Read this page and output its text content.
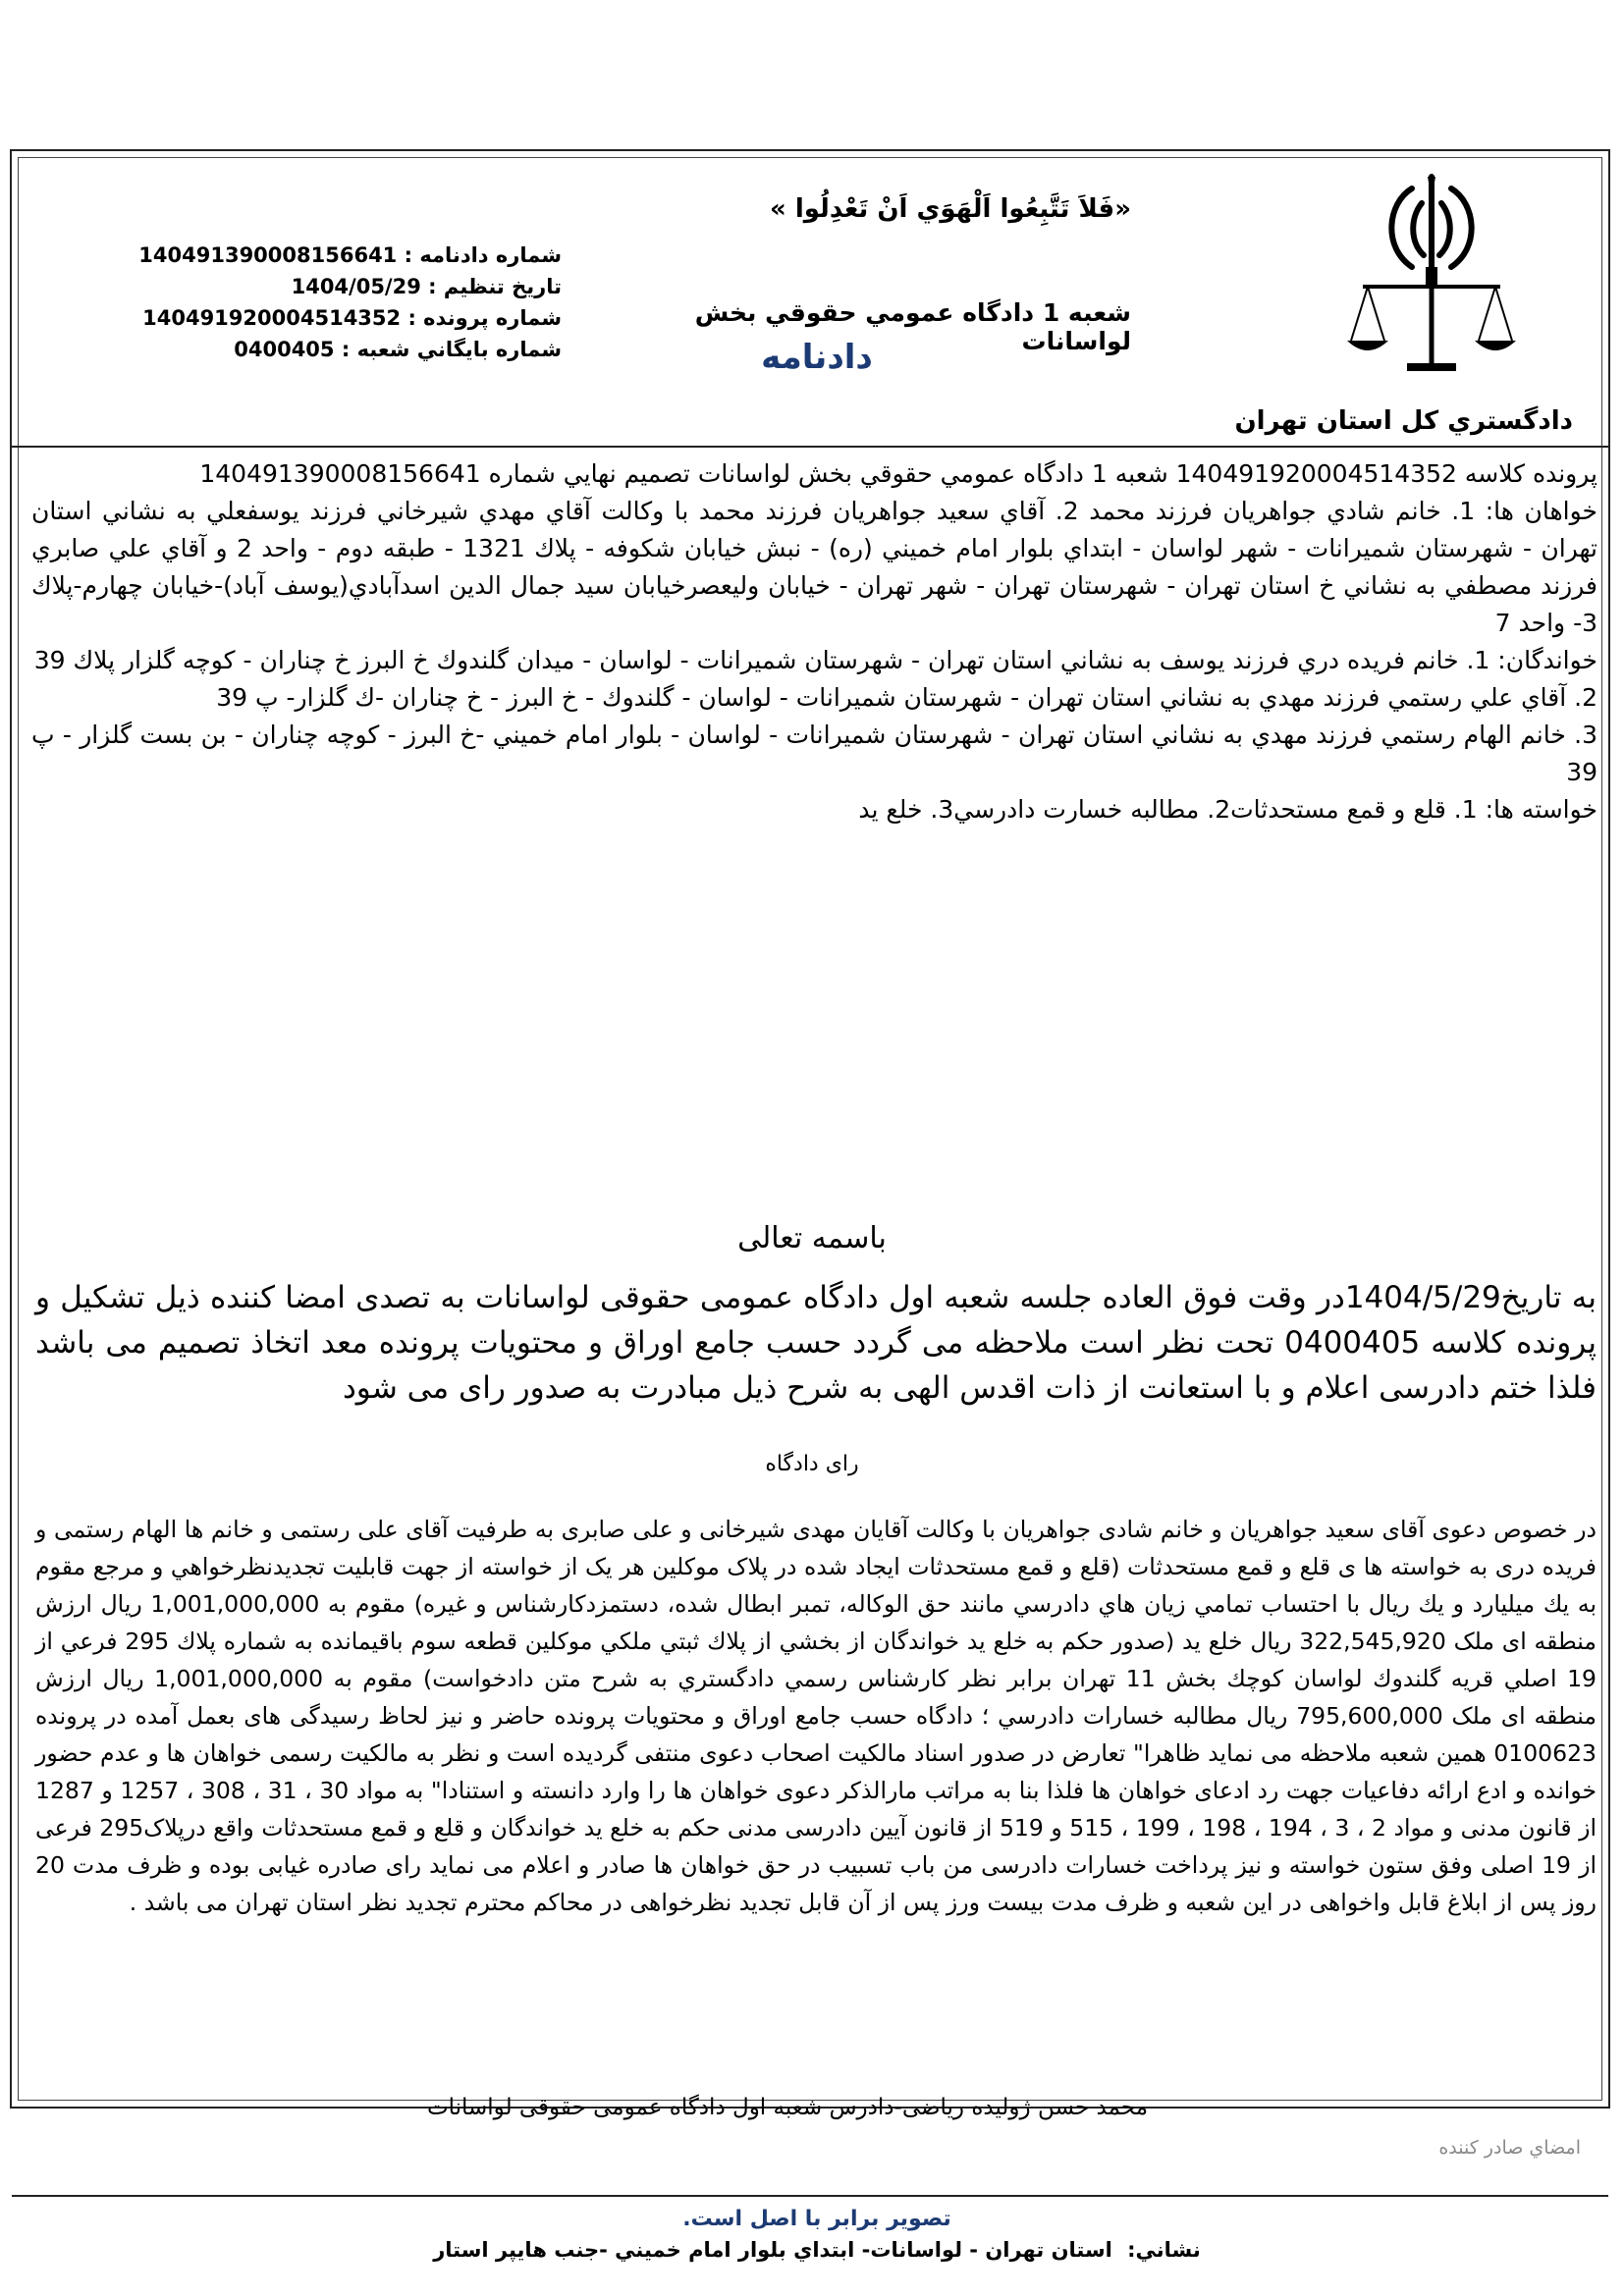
دادگستري كل استان تهران
«فَلاَ تَتَّبِعُوا اَلْهَوَي اَنْ تَعْدِلُوا »
شعبه 1 دادگاه عمومي حقوقي بخش لواسانات
دادنامه
شماره دادنامه : 140491390008156641
تاريخ تنظيم : 1404/05/29
شماره پرونده : 140491920004514352
شماره بايگاني شعبه : 0400405

پرونده كلاسه 140491920004514352 شعبه 1 دادگاه عمومي حقوقي بخش لواسانات تصميم نهايي شماره 140491390008156641

خواهان ها: 1. خانم شادي جواهريان فرزند محمد 2. آقاي سعيد جواهريان فرزند محمد با وكالت آقاي مهدي شيرخاني فرزند يوسفعلي به نشاني استان تهران - شهرستان شميرانات - شهر لواسان - ابتداي بلوار امام خميني (ره) - نبش خيابان شكوفه - پلاك 1321 - طبقه دوم - واحد 2 و آقاي علي صابري فرزند مصطفي به نشاني خ استان تهران - شهرستان تهران - شهر تهران - خيابان وليعصرخيابان سيد جمال الدين اسدآبادي(يوسف آباد)-خيابان چهارم-پلاك 3- واحد 7

خواندگان: 1. خانم فريده دري فرزند يوسف به نشاني استان تهران - شهرستان شميرانات - لواسان - ميدان گلندوك خ البرز خ چناران - كوچه گلزار پلاك 39

2. آقاي علي رستمي فرزند مهدي به نشاني استان تهران - شهرستان شميرانات - لواسان - گلندوك - خ البرز - خ چناران -ك گلزار- پ 39

3. خانم الهام رستمي فرزند مهدي به نشاني استان تهران - شهرستان شميرانات - لواسان - بلوار امام خميني -خ البرز - كوچه چناران - بن بست گلزار - پ 39

خواسته ها: 1. قلع و قمع مستحدثات2. مطالبه خسارت دادرسي3. خلع يد

باسمه تعالی
به تاريخ1404/5/29در وقت فوق العاده جلسه شعبه اول دادگاه عمومی حقوقی لواسانات به تصدی امضا کننده ذیل تشکیل و پرونده کلاسه 0400405 تحت نظر است ملاحظه می گردد حسب جامع اوراق و محتویات پرونده معد اتخاذ تصمیم می باشد فلذا ختم دادرسی اعلام و با استعانت از ذات اقدس الهی به شرح ذیل مبادرت به صدور رای می شود
رای دادگاه
در خصوص دعوی آقای سعید جواهریان و خانم شادی جواهریان با وکالت آقایان مهدی شیرخانی و علی صابری به طرفیت آقای علی رستمی و خانم ها الهام رستمی و فریده دری به خواسته ها ی قلع و قمع مستحدثات (قلع و قمع مستحدثات ایجاد شده در پلاک موکلین هر یک از خواسته از جهت قابلیت تجدیدنظرخواهي و مرجع مقوم به يك ميليارد و يك ريال با احتساب تمامي زيان هاي دادرسي مانند حق الوكاله، تمبر ابطال شده، دستمزدكارشناس و غيره) مقوم به 1,001,000,000 ريال ارزش منطقه ای ملک 322,545,920 ريال خلع يد (صدور حكم به خلع يد خواندگان از بخشي از پلاك ثبتي ملكي موكلين قطعه سوم باقيمانده به شماره پلاك 295 فرعي از 19 اصلي قريه گلندوك لواسان كوچك بخش 11 تهران برابر نظر كارشناس رسمي دادگستري به شرح متن دادخواست) مقوم به 1,001,000,000 ريال ارزش منطقه ای ملک 795,600,000 ريال مطالبه خسارات دادرسي ؛ دادگاه حسب جامع اوراق و محتویات پرونده حاضر و نیز لحاظ رسیدگی های بعمل آمده در پرونده 0100623 همین شعبه ملاحظه می نماید ظاهرا" تعارض در صدور اسناد مالکیت اصحاب دعوی منتفی گردیده است و نظر به مالکیت رسمی خواهان ها و عدم حضور خوانده و ادع ارائه دفاعیات جهت رد ادعای خواهان ها فلذا بنا به مراتب مارالذکر دعوی خواهان ها را وارد دانسته و استنادا" به مواد 30 ، 31 ، 308 ، 1257 و 1287 از قانون مدنی و مواد 2 ، 3 ، 194 ، 198 ، 199 ، 515 و 519 از قانون آیین دادرسی مدنی حکم به خلع ید خواندگان و قلع و قمع مستحدثات واقع درپلاک295 فرعی از 19 اصلی وفق ستون خواسته و نیز پرداخت خسارات دادرسی من باب تسبیب در حق خواهان ها صادر و اعلام می نماید رای صادره غیابی بوده و ظرف مدت 20 روز پس از ابلاغ قابل واخواهی در این شعبه و ظرف مدت بیست ورز پس از آن قابل تجدید نظرخواهی در محاکم محترم تجدید نظر استان تهران می باشد .
محمد حسن ژولیده ریاضی-دادرس شعبه اول دادگاه عمومی حقوقی لواسانات
امضاي صادر كننده
تصوير برابر با اصل است.
نشاني: استان تهران - لواسانات- ابتداي بلوار امام خميني -جنب هايپر استار
